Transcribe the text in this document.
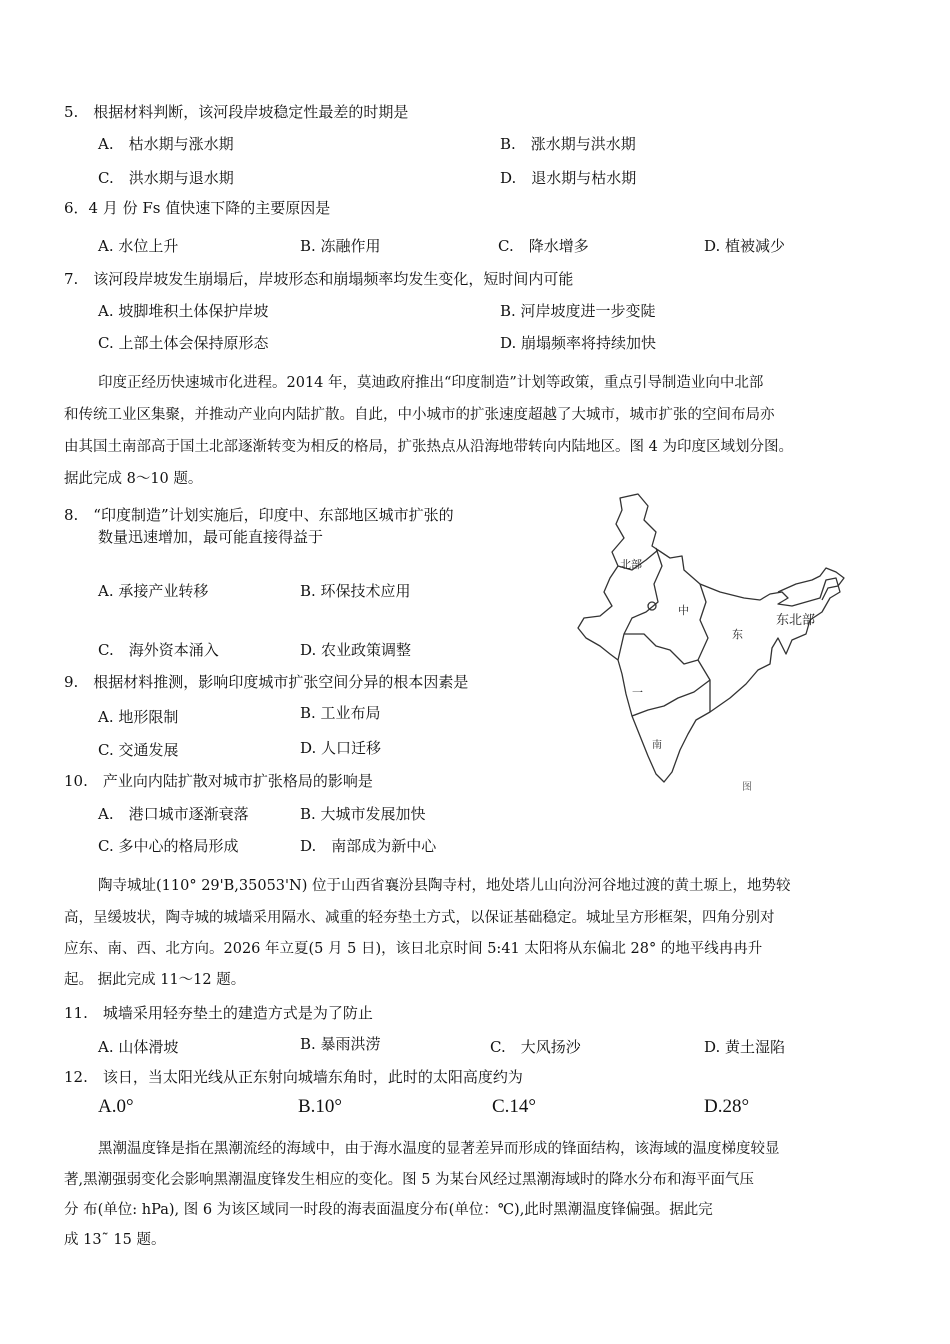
5.　根据材料判断，该河段岸坡稳定性最差的时期是
A.　枯水期与涨水期	B.　涨水期与洪水期
C.　洪水期与退水期	D.　退水期与枯水期
6．4 月 份 Fs 值快速下降的主要原因是
A. 水位上升	B. 冻融作用	C.　降水增多	D. 植被减少
7.　该河段岸坡发生崩塌后，岸坡形态和崩塌频率均发生变化，短时间内可能
A. 坡脚堆积土体保护岸坡	B. 河岸坡度进一步变陡
C. 上部土体会保持原形态	D. 崩塌频率将持续加快
印度正经历快速城市化进程。2014 年，莫迪政府推出“印度制造”计划等政策，重点引导制造业向中北部
和传统工业区集聚，并推动产业向内陆扩散。自此，中小城市的扩张速度超越了大城市，城市扩张的空间布局亦
由其国土南部高于国土北部逐渐转变为相反的格局，扩张热点从沿海地带转向内陆地区。图 4 为印度区域划分图。
据此完成 8～10 题。
8.　“印度制造”计划实施后，印度中、东部地区城市扩张的
数量迅速增加，最可能直接得益于
A. 承接产业转移	B. 环保技术应用
C.　海外资本涌入	D. 农业政策调整
9.　根据材料推测，影响印度城市扩张空间分异的根本因素是
A. 地形限制	B. 工业布局
C. 交通发展	D. 人口迁移
10.　产业向内陆扩散对城市扩张格局的影响是
A.　港口城市逐渐衰落	B. 大城市发展加快
C. 多中心的格局形成	D.　南部成为新中心
北部
中
东
东北部
一
南
图
陶寺城址(110° 29'B,35053'N) 位于山西省襄汾县陶寺村，地处塔儿山向汾河谷地过渡的黄土塬上，地势较
高，呈缓坡状，陶寺城的城墙采用隔水、减重的轻夯垫土方式，以保证基础稳定。城址呈方形框架，四角分别对
应东、南、西、北方向。2026 年立夏(5 月 5 日)，该日北京时间 5:41 太阳将从东偏北 28° 的地平线冉冉升
起。 据此完成 11～12 题。
11.　城墙采用轻夯垫土的建造方式是为了防止
A. 山体滑坡	B. 暴雨洪涝	C.　大风扬沙	D. 黄土湿陷
12.　该日，当太阳光线从正东射向城墙东角时，此时的太阳高度约为
A.0°	B.10°	C.14°	D.28°
黑潮温度锋是指在黑潮流经的海域中，由于海水温度的显著差异而形成的锋面结构，该海域的温度梯度较显
著,黑潮强弱变化会影响黑潮温度锋发生相应的变化。图 5 为某台风经过黑潮海域时的降水分布和海平面气压
分 布(单位: hPa), 图 6 为该区域同一时段的海表面温度分布(单位：℃),此时黑潮温度锋偏强。据此完
成 13˜ 15 题。
